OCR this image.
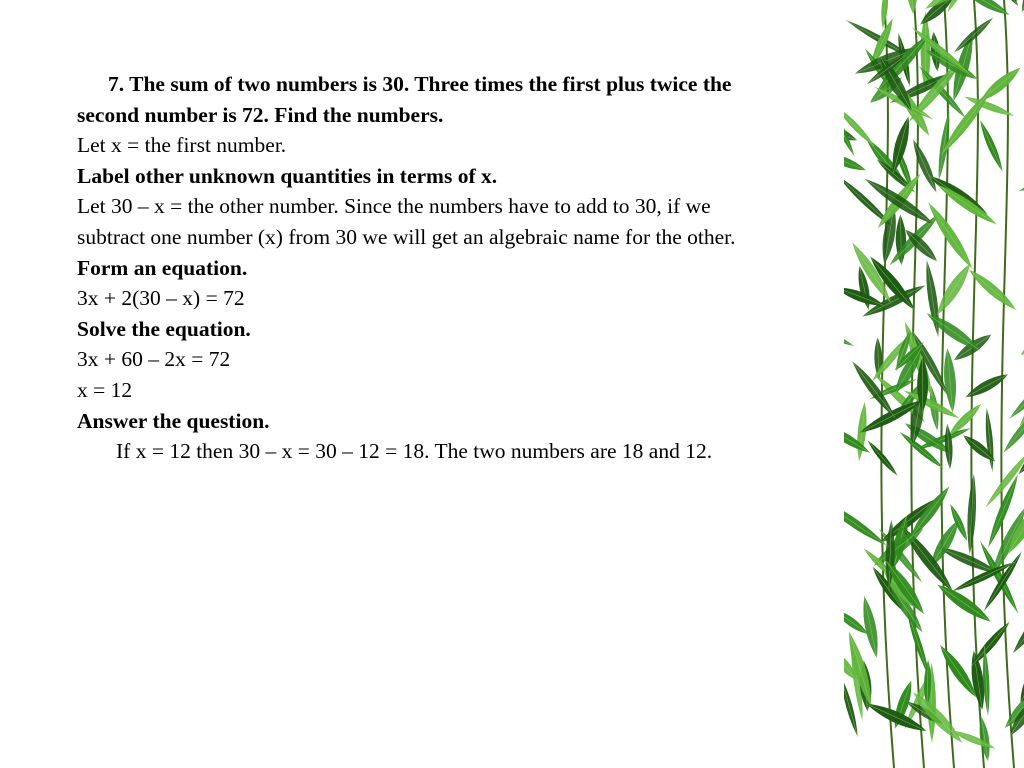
7. The sum of two numbers is 30. Three times the first plus twice the
second number is 72. Find the numbers.
Let x = the first number.
Label other unknown quantities in terms of x.
Let 30 – x = the other number. Since the numbers have to add to 30, if we
subtract one number (x) from 30 we will get an algebraic name for the other.
Form an equation.
3x + 2(30 – x) = 72
Solve the equation.
3x + 60 – 2x = 72
x = 12
Answer the question.
If x = 12 then 30 – x = 30 – 12 = 18. The two numbers are 18 and 12.
